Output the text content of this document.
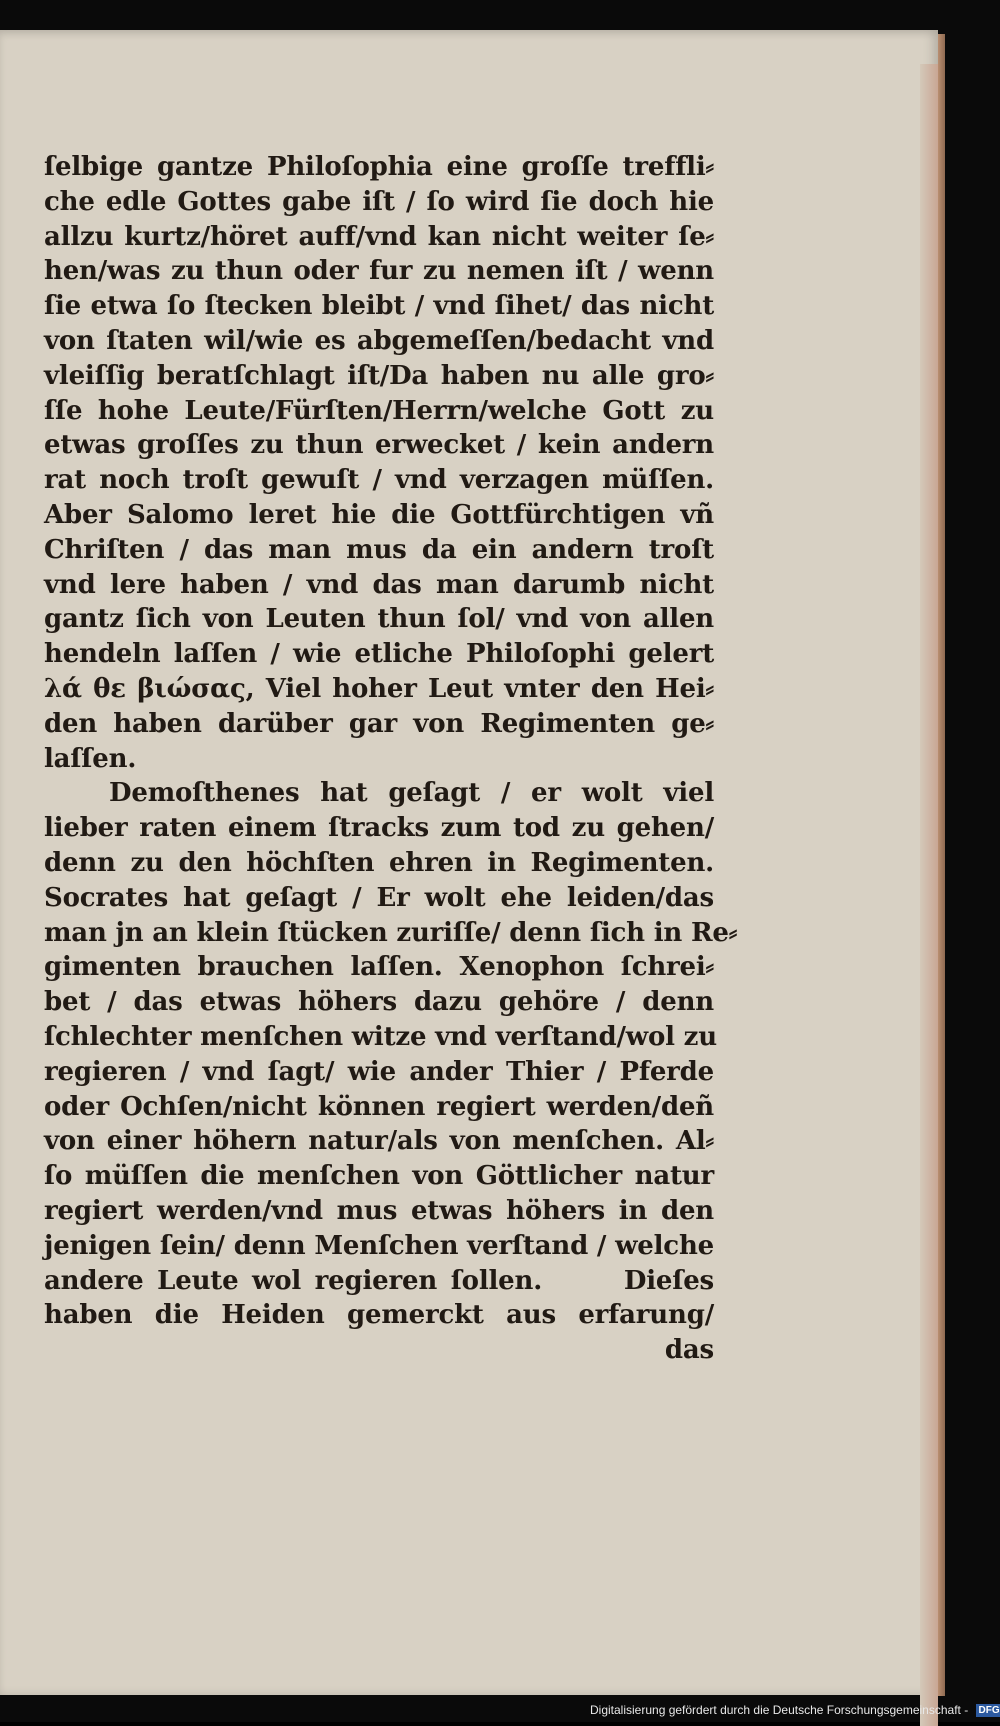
ſelbige gantze Philoſophia eine groſſe treffli⸗
che edle Gottes gabe iſt / ſo wird ſie doch hie
allzu kurtz/höret auff/vnd kan nicht weiter ſe⸗
hen/was zu thun oder fur zu nemen iſt / wenn
ſie etwa ſo ſtecken bleibt / vnd ſihet/ das nicht
von ſtaten wil/wie es abgemeſſen/bedacht vnd
vleiſſig beratſchlagt iſt/Da haben nu alle gro⸗
ſſe hohe Leute/Fürſten/Herrn/welche Gott zu
etwas groſſes zu thun erwecket / kein andern
rat noch troſt gewuſt / vnd verzagen müſſen.
Aber Salomo leret hie die Gottfürchtigen vñ
Chriſten / das man mus da ein andern troſt
vnd lere haben / vnd das man darumb nicht
gantz ſich von Leuten thun ſol/ vnd von allen
hendeln laſſen / wie etliche Philoſophi gelert
λά θε βιώσας, Viel hoher Leut vnter den Hei⸗
den haben darüber gar von Regimenten ge⸗
laſſen.
Demoſthenes hat geſagt / er wolt viel
lieber raten einem ſtracks zum tod zu gehen/
denn zu den höchſten ehren in Regimenten.
Socrates hat geſagt / Er wolt ehe leiden/das
man jn an klein ſtücken zuriſſe/ denn ſich in Re⸗
gimenten brauchen laſſen. Xenophon ſchrei⸗
bet / das etwas höhers dazu gehöre / denn
ſchlechter menſchen witze vnd verſtand/wol zu
regieren / vnd ſagt/ wie ander Thier / Pferde
oder Ochſen/nicht können regiert werden/deñ
von einer höhern natur/als von menſchen. Al⸗
ſo müſſen die menſchen von Göttlicher natur
regiert werden/vnd mus etwas höhers in den
jenigen ſein/ denn Menſchen verſtand / welche
andere Leute wol regieren ſollen.      Dieſes
haben die Heiden gemerckt aus erfarung/
das
Digitalisierung gefördert durch die Deutsche Forschungsgemeinschaft - DFG
